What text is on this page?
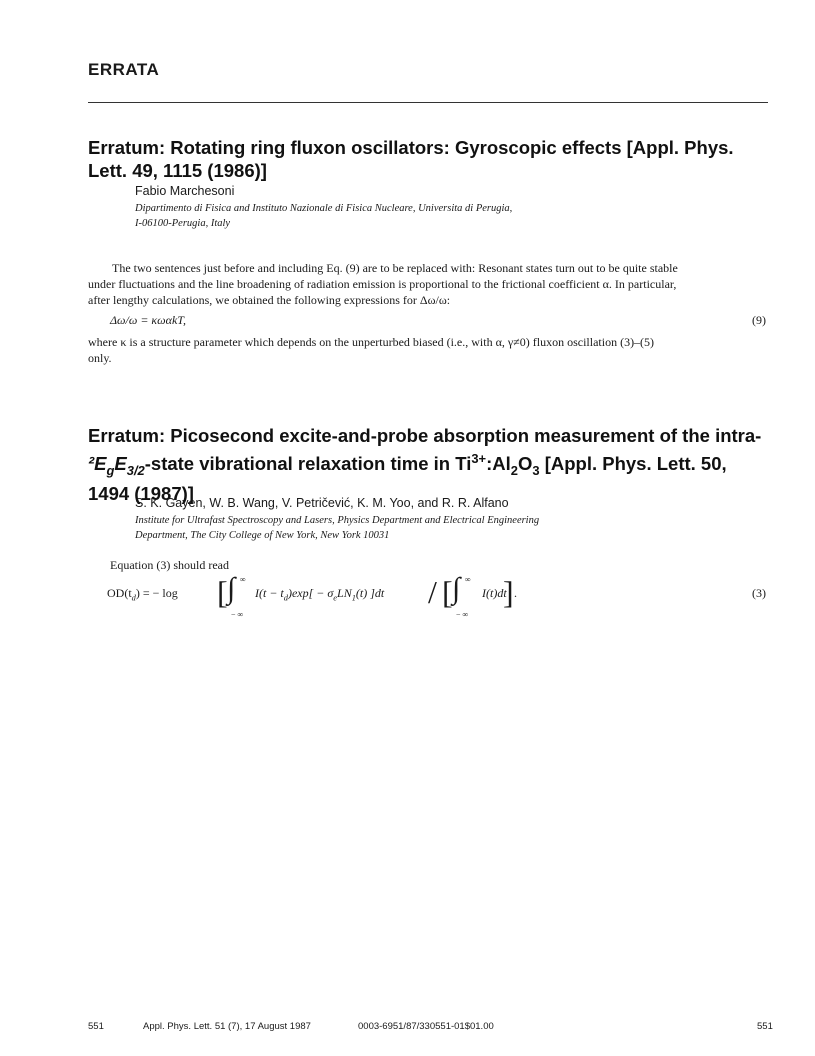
ERRATA
Erratum: Rotating ring fluxon oscillators: Gyroscopic effects [Appl. Phys.
Lett. 49, 1115 (1986)]
Fabio Marchesoni
Dipartimento di Fisica and Instituto Nazionale di Fisica Nucleare, Universita di Perugia,
I-06100-Perugia, Italy
The two sentences just before and including Eq. (9) are to be replaced with: Resonant states turn out to be quite stable
under fluctuations and the line broadening of radiation emission is proportional to the frictional coefficient α. In particular,
after lengthy calculations, we obtained the following expressions for Δω/ω:
Δω/ω = κωαkT,	(9)
where κ is a structure parameter which depends on the unperturbed biased (i.e., with α, γ≠0) fluxon oscillation (3)–(5)
only.
Erratum: Picosecond excite-and-probe absorption measurement of the intra-
$^2E_gE_{3/2}$-state vibrational relaxation time in $Ti^{3+}:Al_2O_3$ [Appl. Phys. Lett. 50,
1494 (1987)]
S. K. Gayen, W. B. Wang, V. Petričević, K. M. Yoo, and R. R. Alfano
Institute for Ultrafast Spectroscopy and Lasers, Physics Department and Electrical Engineering
Department, The City College of New York, New York 10031
Equation (3) should read
$OD(t_d)$ = − log [ ∫ ∞
− ∞
$I(t - t_d)\exp[ - \sigma_eLN_1(t)$ ]dt / [ ∫ ∞
− ∞
I(t)dt
] .	(3)
551	Appl. Phys. Lett. 51 (7), 17 August 1987	0003-6951/87/330551-01$01.00	551
